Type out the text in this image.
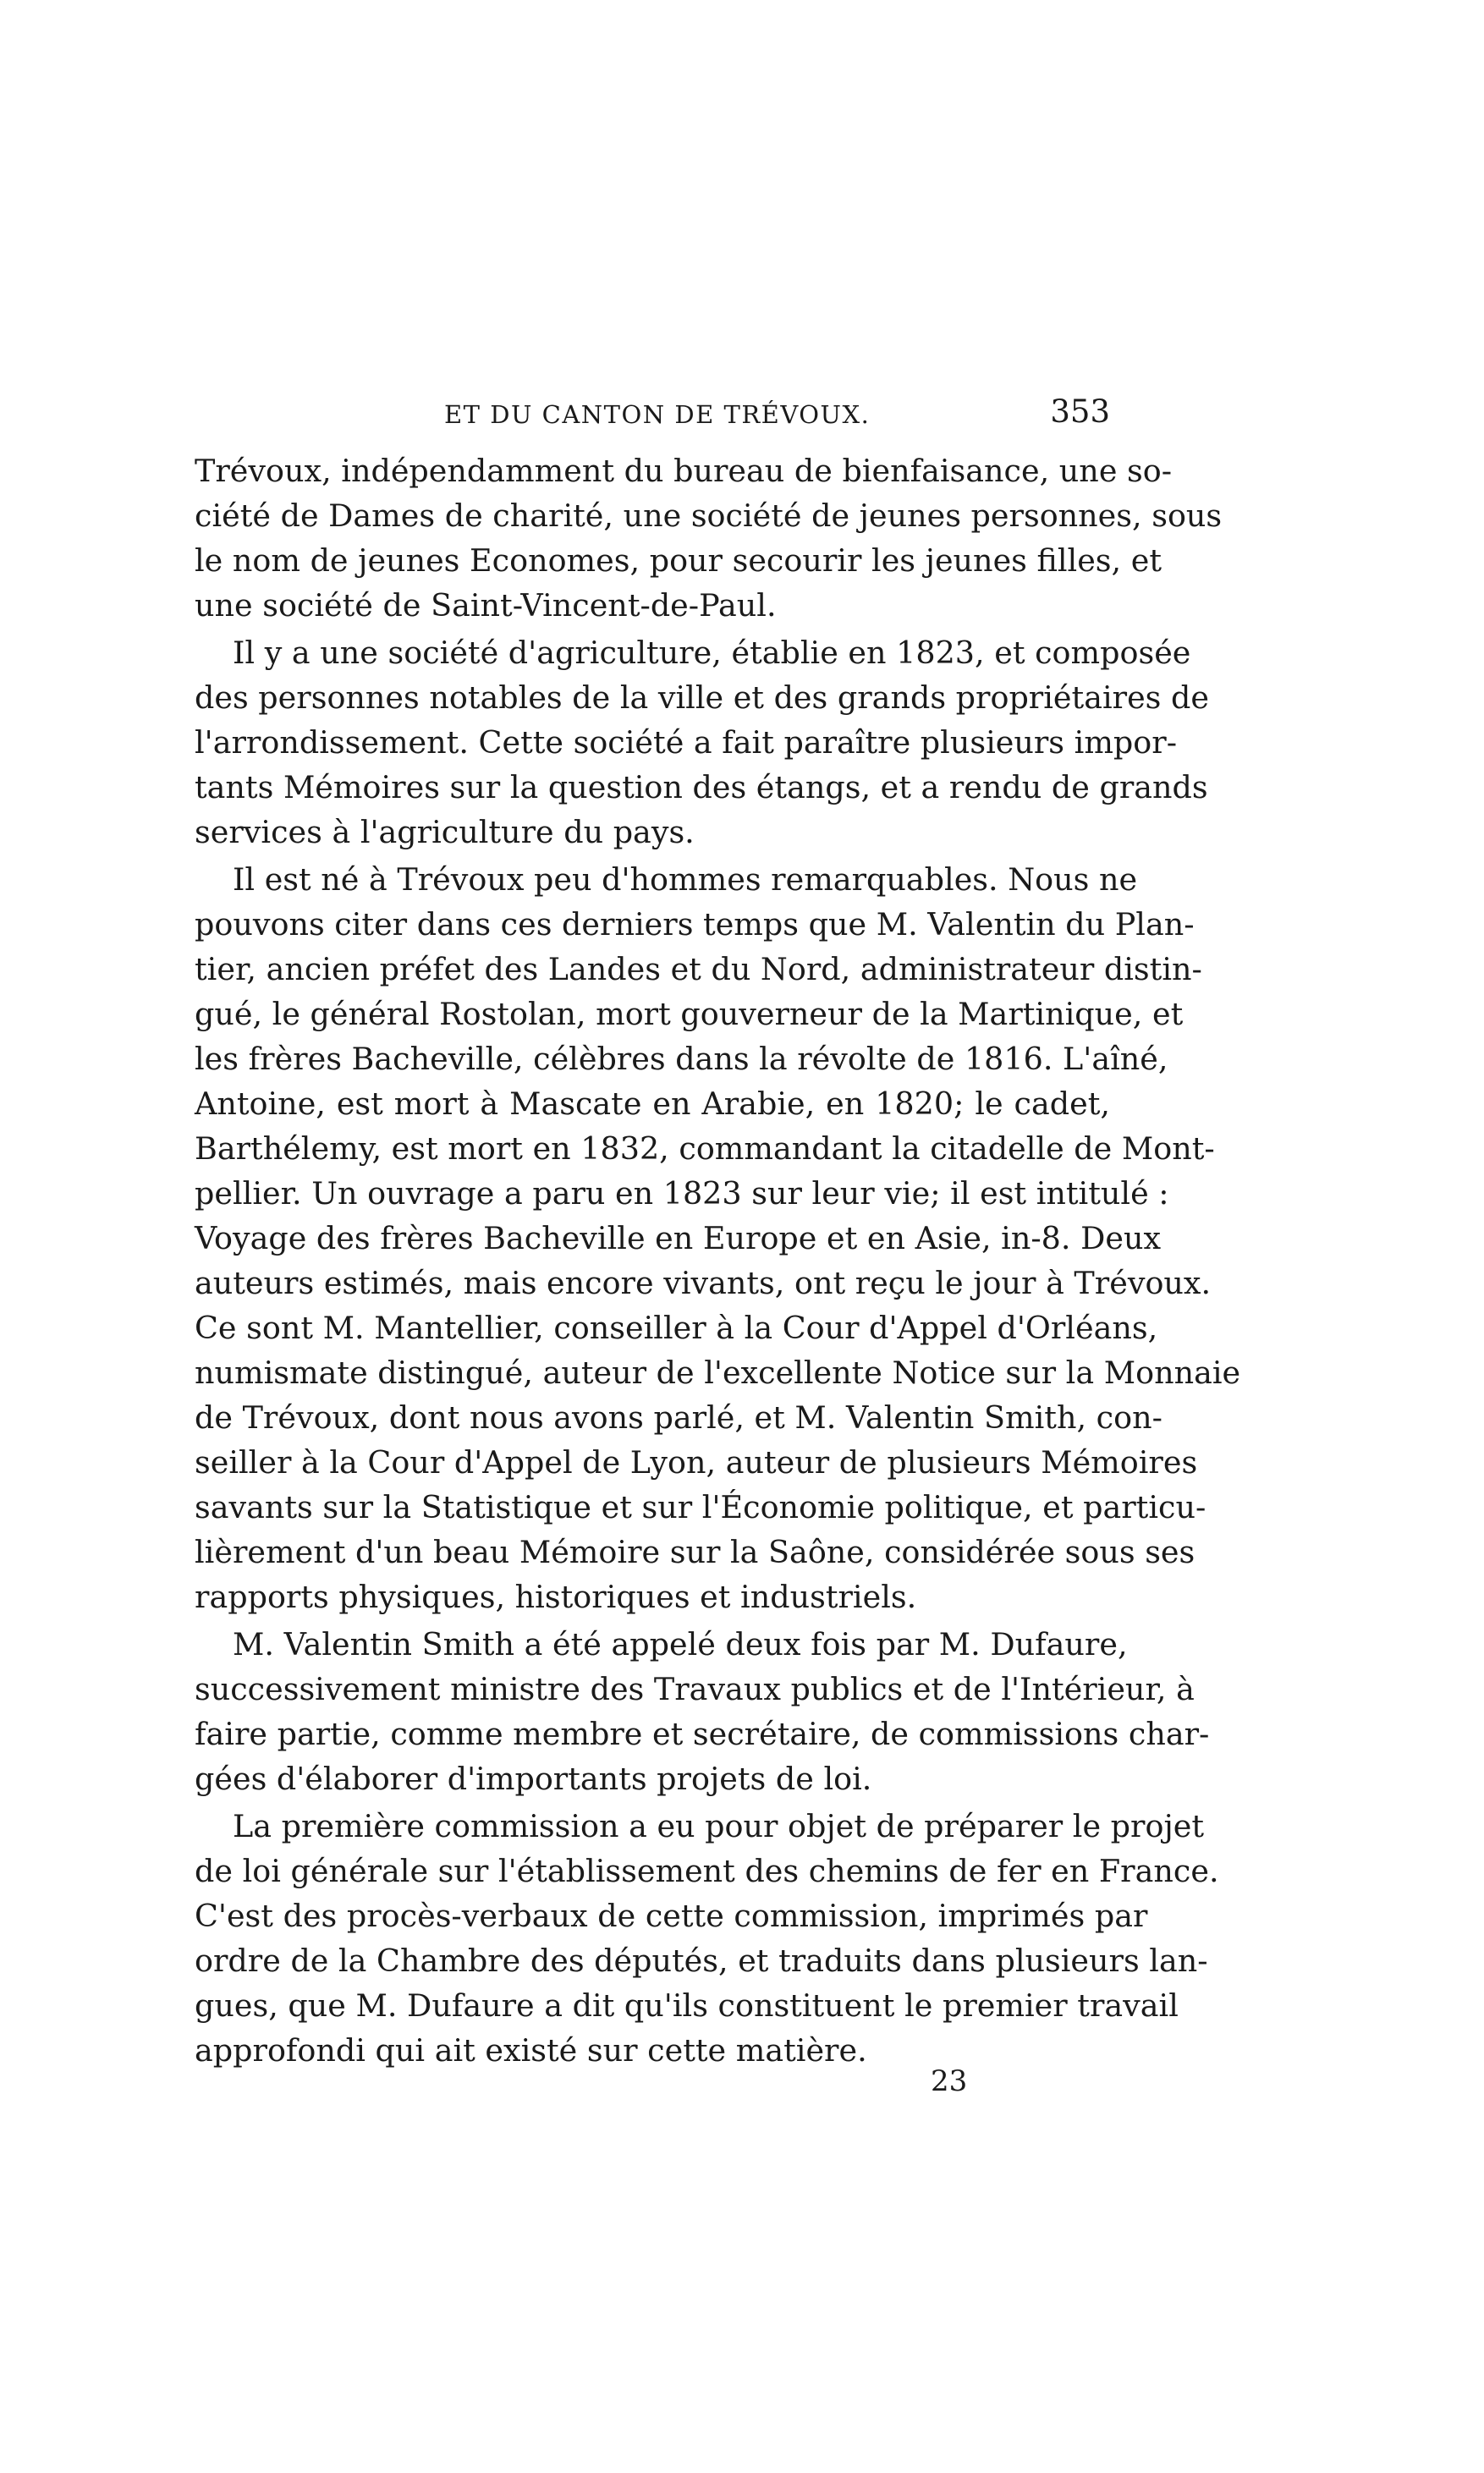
ET DU CANTON DE TRÉVOUX.	353
Trévoux, indépendamment du bureau de bienfaisance, une so-
ciété de Dames de charité, une société de jeunes personnes, sous
le nom de jeunes Economes, pour secourir les jeunes filles, et
une société de Saint-Vincent-de-Paul.
Il y a une société d'agriculture, établie en 1823, et composée
des personnes notables de la ville et des grands propriétaires de
l'arrondissement. Cette société a fait paraître plusieurs impor-
tants Mémoires sur la question des étangs, et a rendu de grands
services à l'agriculture du pays.
Il est né à Trévoux peu d'hommes remarquables. Nous ne
pouvons citer dans ces derniers temps que M. Valentin du Plan-
tier, ancien préfet des Landes et du Nord, administrateur distin-
gué, le général Rostolan, mort gouverneur de la Martinique, et
les frères Bacheville, célèbres dans la révolte de 1816. L'aîné,
Antoine, est mort à Mascate en Arabie, en 1820; le cadet,
Barthélemy, est mort en 1832, commandant la citadelle de Mont-
pellier. Un ouvrage a paru en 1823 sur leur vie; il est intitulé :
Voyage des frères Bacheville en Europe et en Asie, in-8. Deux
auteurs estimés, mais encore vivants, ont reçu le jour à Trévoux.
Ce sont M. Mantellier, conseiller à la Cour d'Appel d'Orléans,
numismate distingué, auteur de l'excellente Notice sur la Monnaie
de Trévoux, dont nous avons parlé, et M. Valentin Smith, con-
seiller à la Cour d'Appel de Lyon, auteur de plusieurs Mémoires
savants sur la Statistique et sur l'Économie politique, et particu-
lièrement d'un beau Mémoire sur la Saône, considérée sous ses
rapports physiques, historiques et industriels.
M. Valentin Smith a été appelé deux fois par M. Dufaure,
successivement ministre des Travaux publics et de l'Intérieur, à
faire partie, comme membre et secrétaire, de commissions char-
gées d'élaborer d'importants projets de loi.
La première commission a eu pour objet de préparer le projet
de loi générale sur l'établissement des chemins de fer en France.
C'est des procès-verbaux de cette commission, imprimés par
ordre de la Chambre des députés, et traduits dans plusieurs lan-
gues, que M. Dufaure a dit qu'ils constituent le premier travail
approfondi qui ait existé sur cette matière.
23
